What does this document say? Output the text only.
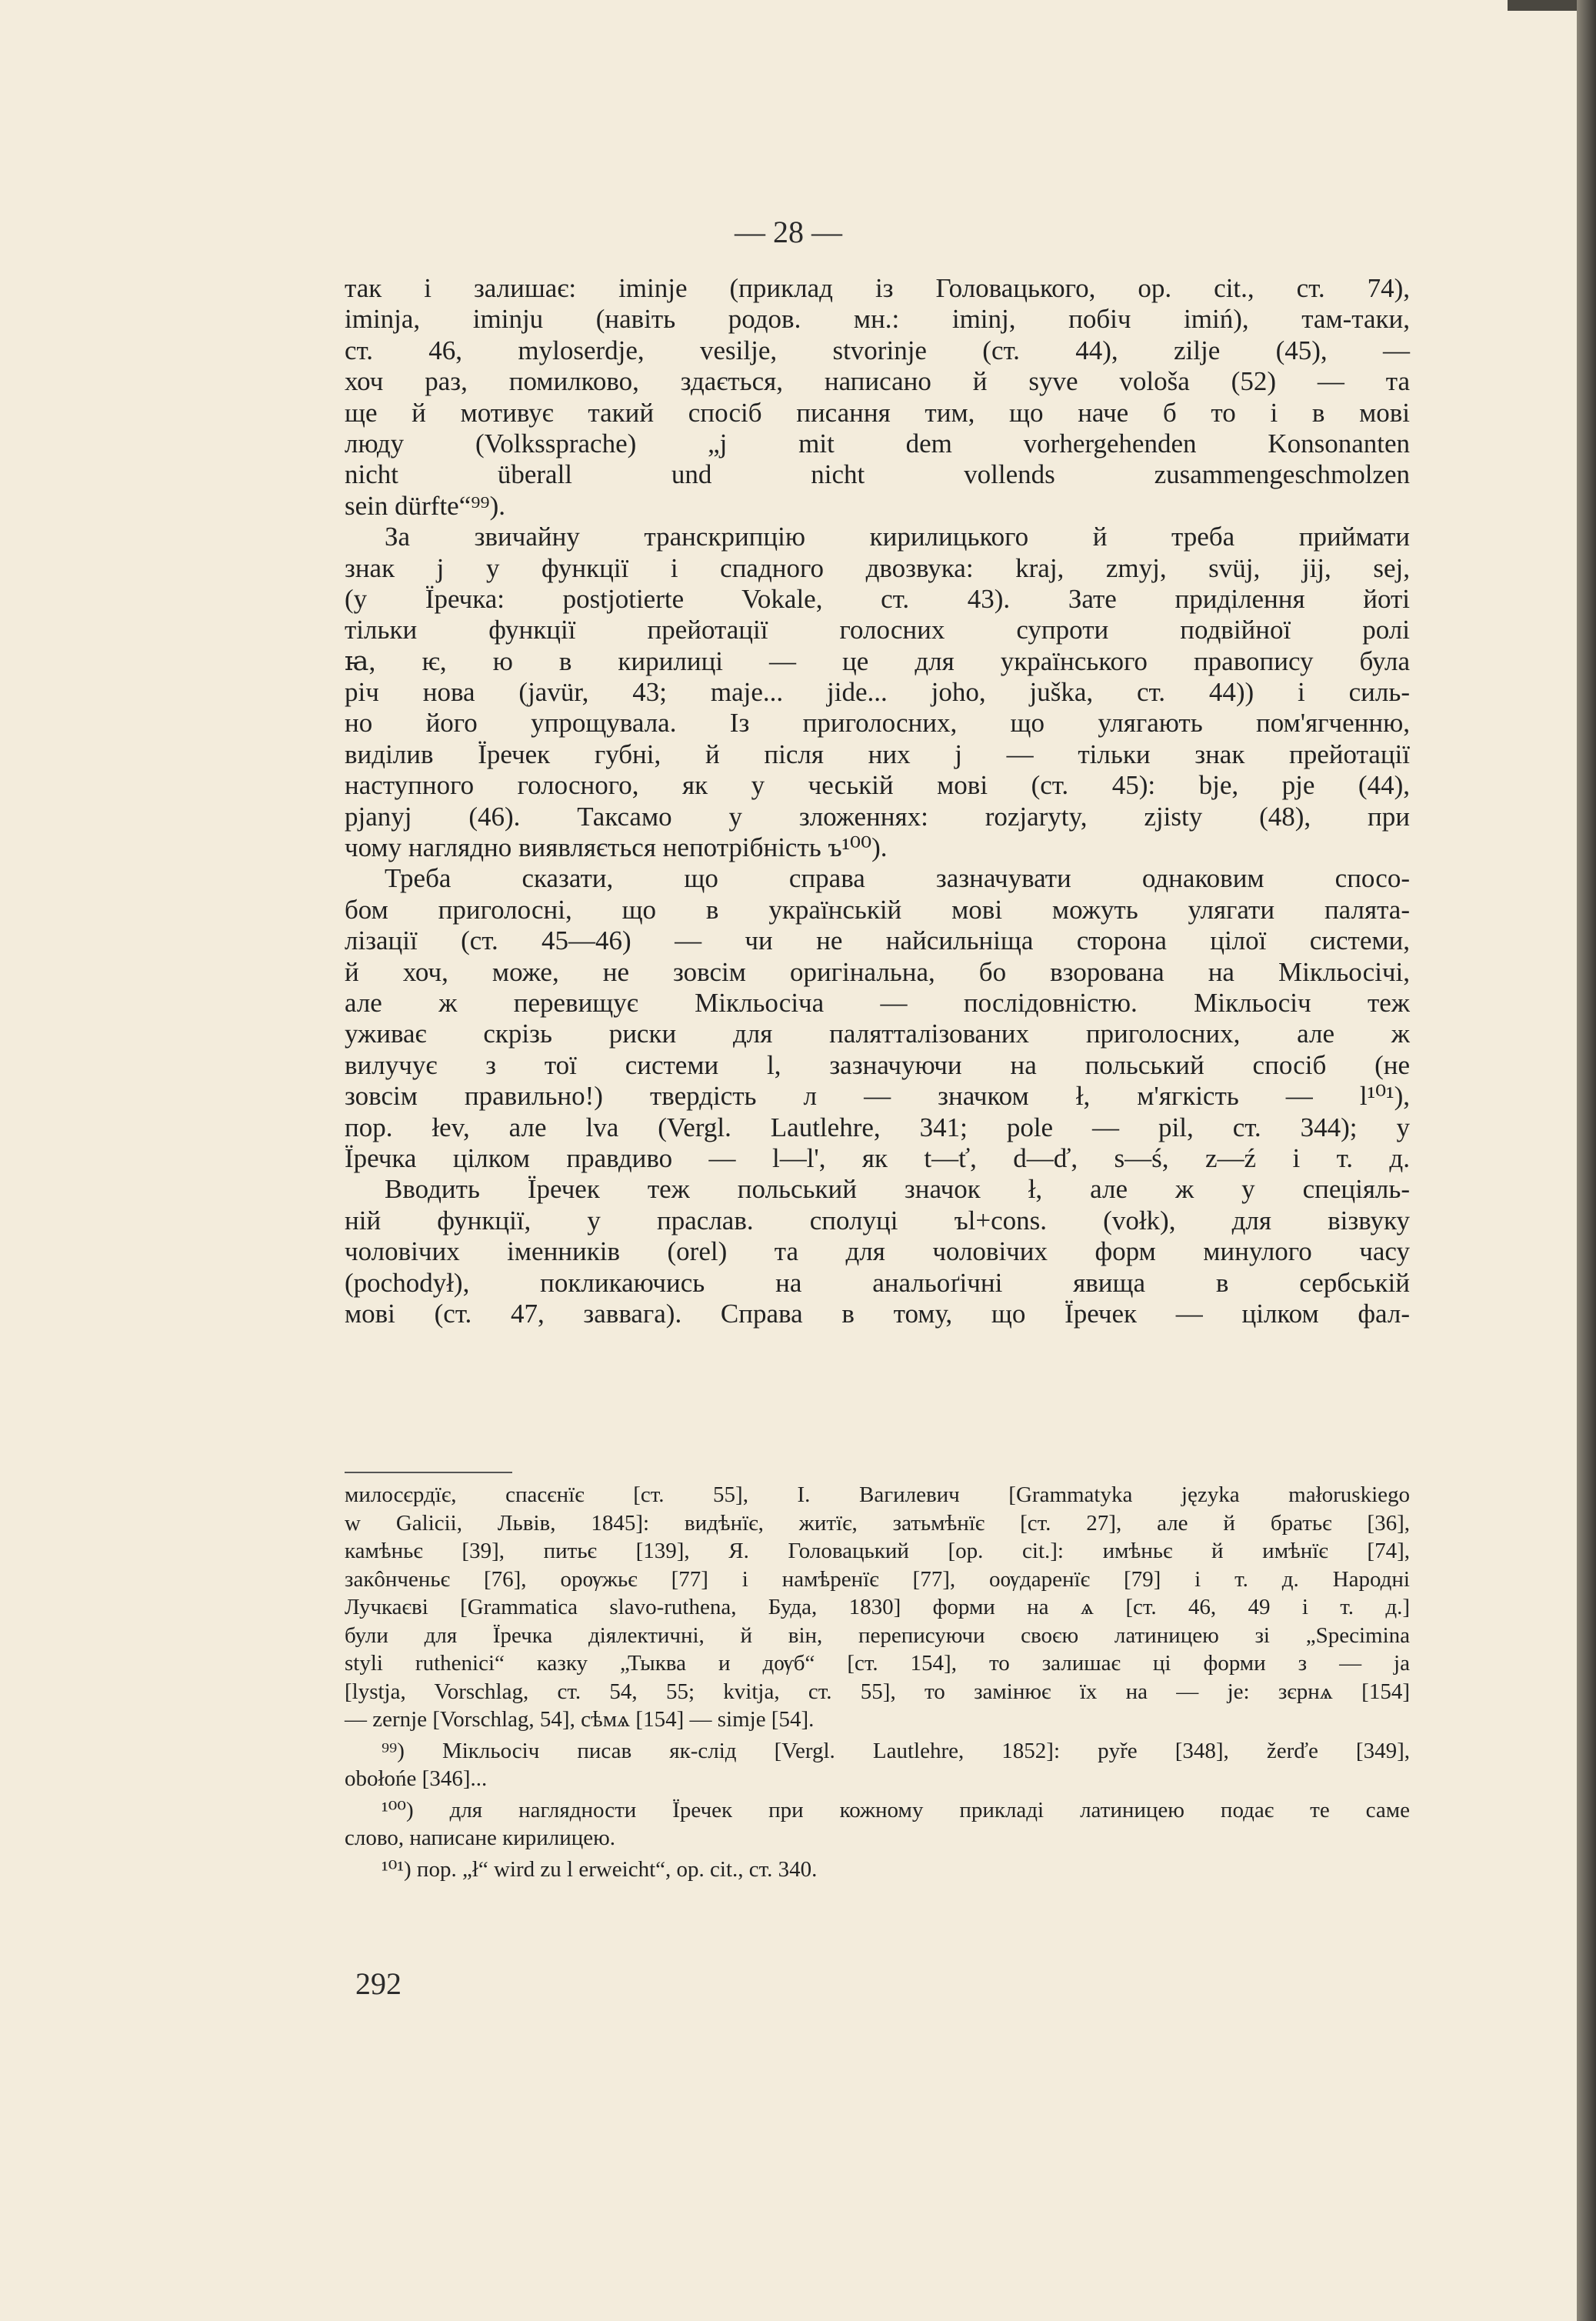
— 28 —
так і залишає: iminje (приклад із Головацького, op. cit., ст. 74),
iminja, iminju (навіть родов. мн.: iminj, побіч imiń), там-таки,
ст. 46, myloserdje, vesilje, stvorinje (ст. 44), zilje (45), —
хоч раз, помилково, здається, написано й syve vološa (52) — та
ще й мотивує такий спосіб писання тим, що наче б то і в мові
люду (Volkssprache) „j mit dem vorhergehenden Konsonanten
nicht überall und nicht vollends zusammengeschmolzen
sein dürfte“⁹⁹).
За звичайну транскрипцію кирилицького й треба приймати
знак j у функції і спадного двозвука: kraj, zmyj, svüj, jij, sej,
(у Їречка: postjotierte Vokale, ст. 43). Зате приділення йоті
тільки функції прейотації голосних супроти подвійної ролі
ꙗ, ѥ, ю в кирилиці — це для українського правопису була
річ нова (javür, 43; maje... jide... joho, juška, ст. 44)) і силь-
но його упрощувала. Із приголосних, що улягають пом'ягченню,
виділив Їречек губні, й після них j — тільки знак прейотації
наступного голосного, як у чеській мові (ст. 45): bje, pje (44),
pjanyj (46). Таксамо у зложеннях: rozjaryty, zjisty (48), при
чому наглядно виявляється непотрібність ъ¹⁰⁰).
Треба сказати, що справа зазначувати однаковим спосо-
бом приголосні, що в українській мові можуть улягати палята-
лізації (ст. 45—46) — чи не найсильніща сторона цілої системи,
й хоч, може, не зовсім оригінальна, бо взорована на Мікльосічі,
але ж перевищує Мікльосіча — послідовністю. Мікльосіч теж
уживає скрізь риски для палятталізованих приголосних, але ж
вилучує з тої системи l, зазначуючи на польський спосіб (не
зовсім правильно!) твердість л — значком ł, м'ягкість — l¹⁰¹),
пор. łev, але lva (Vergl. Lautlehre, 341; pole — pil, ст. 344); у
Їречка цілком правдиво — l—l', як t—ť, d—ď, s—ś, z—ź і т. д.
Вводить Їречек теж польський значок ł, але ж у спеціяль-
ній функції, у праслав. сполуці ъl+cons. (vołk), для візвуку
чоловічих іменників (orel) та для чоловічих форм минулого часу
(pochodył), покликаючись на анальоґічні явища в сербській
мові (ст. 47, заввага). Справа в тому, що Їречек — цілком фал-
милосєрдїє, спасєнїє [ст. 55], І. Вагилевич [Grammatyka języka małoruskiego
w Galicii, Львів, 1845]: видѣнїє, житїє, затьмѣнїє [ст. 27], але й братьє [36],
камѣньє [39], питьє [139], Я. Головацький [op. cit.]: имѣньє й имѣнїє [74],
закôнченьє [76], орѹжьє [77] і намѣренїє [77], оѹдаренїє [79] і т. д. Народні
Лучкаєві [Grammatica slavo-ruthena, Буда, 1830] форми на ѧ [ст. 46, 49 і т. д.]
були для Їречка діялектичні, й він, переписуючи своєю латиницею зі „Specimina
styli ruthenici“ казку „Тыква и дѹб“ [ст. 154], то залишає ці форми з — ja
[lystja, Vorschlag, ст. 54, 55; kvitja, ст. 55], то замінює їх на — je: зєрнѧ [154]
— zernje [Vorschlag, 54], сѣмѧ [154] — simje [54].
⁹⁹) Мікльосіч писав як-слід [Vergl. Lautlehre, 1852]: pyře [348], žerďe [349],
obołońe [346]...
¹⁰⁰) для наглядности Їречек при кожному прикладі латиницею подає те саме
слово, написане кирилицею.
¹⁰¹) пор. „ł“ wird zu l erweicht“, op. cit., ст. 340.
292
